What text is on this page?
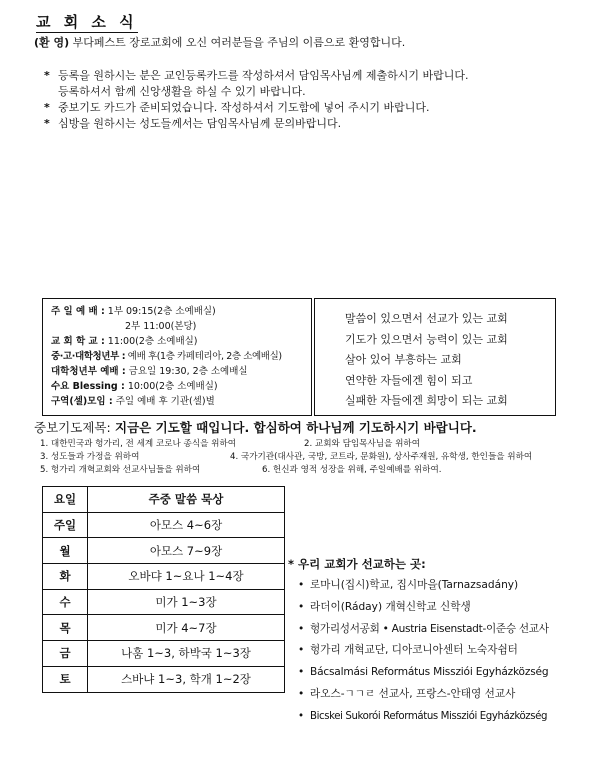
교 회 소 식
(환 영) 부다페스트 장로교회에 오신 여러분들을 주님의 이름으로 환영합니다.
* 등록을 원하시는 분은 교인등록카드를 작성하셔서 담임목사님께 제출하시기 바랍니다.
등록하셔서 함께 신앙생활을 하실 수 있기 바랍니다.
* 중보기도 카드가 준비되었습니다. 작성하셔서 기도함에 넣어 주시기 바랍니다.
* 심방을 원하시는 성도들께서는 담임목사님께 문의바랍니다.
주 일 예 배 : 1부 09:15(2층 소예배실)
2부 11:00(본당)
교 회 학 교 : 11:00(2층 소예배실)
중·고·대학청년부 : 예배 후(1층 카페테리아, 2층 소예배실)
대학청년부 예배 : 금요일 19:30, 2층 소예배실
수요 Blessing : 10:00(2층 소예배실)
구역(셀)모임 : 주일 예배 후 기관(셀)별
말씀이 있으면서 선교가 있는 교회
기도가 있으면서 능력이 있는 교회
살아 있어 부흥하는 교회
연약한 자들에겐 힘이 되고
실패한 자들에겐 희망이 되는 교회
중보기도제목: 지금은 기도할 때입니다. 합심하여 하나님께 기도하시기 바랍니다.
1. 대한민국과 헝가리, 전 세계 코로나 종식을 위하여	2. 교회와 담임목사님을 위하여
3. 성도들과 가정을 위하여	4. 국가기관(대사관, 국방, 코트라, 문화원), 상사주재원, 유학생, 한인들을 위하여
5. 헝가리 개혁교회와 선교사님들을 위하여	6. 헌신과 영적 성장을 위해, 주일예배를 위하여.
요일	주중 말씀 묵상
주일	아모스 4~6장
월	아모스 7~9장
화	오바댜 1~요나 1~4장
수	미가 1~3장
목	미가 4~7장
금	나훔 1~3, 하박국 1~3장
토	스바냐 1~3, 학개 1~2장
* 우리 교회가 선교하는 곳:
• 로마니(집시)학교, 집시마을(Tarnazsadány)
• 라더이(Ráday) 개혁신학교 신학생
• 헝가리성서공회 • Austria Eisenstadt-이준승 선교사
• 헝가리 개혁교단, 디아코니아센터 노숙자쉼터
• Bácsalmási Református Missziói Egyházközség
• 라오스-ㄱㄱㄹ 선교사, 프랑스-안태영 선교사
• Bicskei Sukorói Református Missziói Egyházközség
